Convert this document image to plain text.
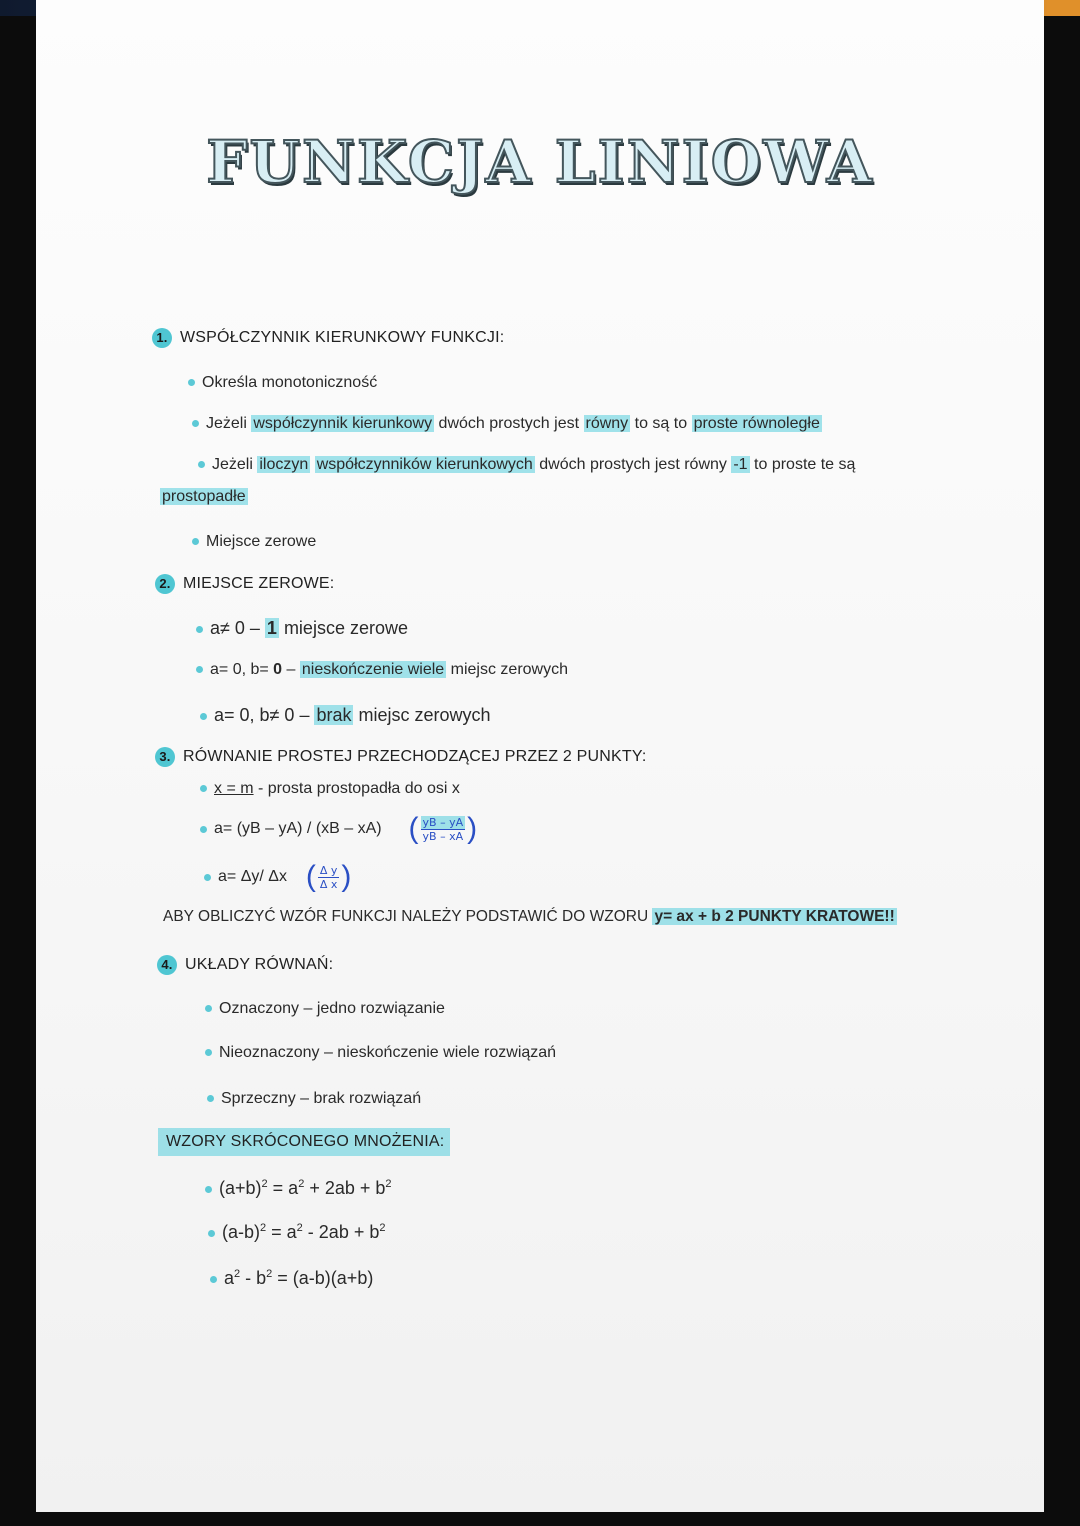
FUNKCJA LINIOWA
1. WSPÓŁCZYNNIK KIERUNKOWY FUNKCJI:
Określa monotoniczność
Jeżeli współczynnik kierunkowy dwóch prostych jest równy to są to proste równoległe
Jeżeli iloczyn współczynników kierunkowych dwóch prostych jest równy -1 to proste te są
prostopadłe
Miejsce zerowe
2. MIEJSCE ZEROWE:
a≠ 0 – 1 miejsce zerowe
a= 0, b= 0 – nieskończenie wiele miejsc zerowych
a= 0, b≠ 0 – brak miejsc zerowych
3. RÓWNANIE PROSTEJ PRZECHODZĄCEJ PRZEZ 2 PUNKTY:
x = m - prosta prostopadła do osi x
a= (yB – yA) / (xB – xA) ( $\frac{yB - yA}{yB - xA}$ )
a= Δy/ Δx ( $\frac{\text{Δ y}}{\text{Δ x}}$ )
ABY OBLICZYĆ WZÓR FUNKCJI NALEŻY PODSTAWIĆ DO WZORU y= ax + b 2 PUNKTY KRATOWE!!
4. UKŁADY RÓWNAŃ:
Oznaczony – jedno rozwiązanie
Nieoznaczony – nieskończenie wiele rozwiązań
Sprzeczny – brak rozwiązań
WZORY SKRÓCONEGO MNOŻENIA:
$(a+b)^2 = a^2 + 2ab + b^2$
$(a-b)^2 = a^2 - 2ab + b^2$
$a^2 - b^2 = (a-b)(a+b)$
